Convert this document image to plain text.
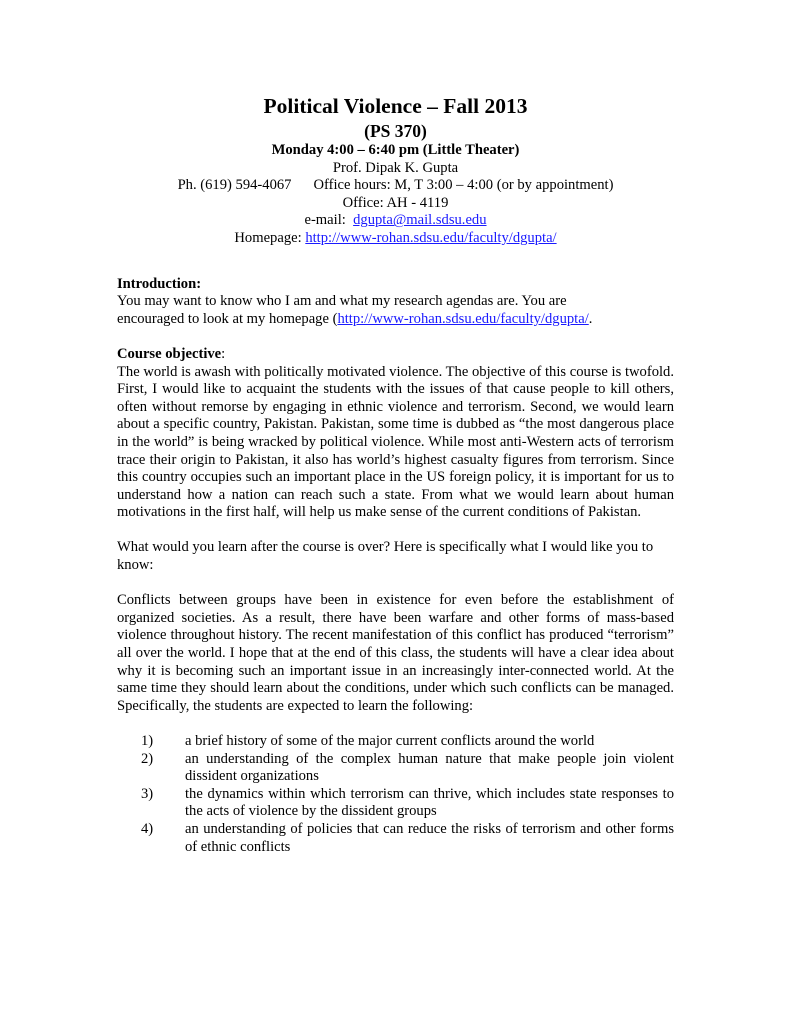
Political Violence – Fall 2013
(PS 370)
Monday 4:00 – 6:40 pm (Little Theater)
Prof. Dipak K. Gupta
Ph. (619) 594-4067 Office hours: M, T 3:00 – 4:00 (or by appointment)
Office: AH - 4119
e-mail: dgupta@mail.sdsu.edu
Homepage: http://www-rohan.sdsu.edu/faculty/dgupta/
Introduction:
You may want to know who I am and what my research agendas are. You are
encouraged to look at my homepage (http://www-rohan.sdsu.edu/faculty/dgupta/.
Course objective:
The world is awash with politically motivated violence. The objective of this course is twofold. First, I would like to acquaint the students with the issues of that cause people to kill others, often without remorse by engaging in ethnic violence and terrorism. Second, we would learn about a specific country, Pakistan. Pakistan, some time is dubbed as “the most dangerous place in the world” is being wracked by political violence. While most anti-Western acts of terrorism trace their origin to Pakistan, it also has world’s highest casualty figures from terrorism. Since this country occupies such an important place in the US foreign policy, it is important for us to understand how a nation can reach such a state. From what we would learn about human motivations in the first half, will help us make sense of the current conditions of Pakistan.
What would you learn after the course is over? Here is specifically what I would like you to know:
Conflicts between groups have been in existence for even before the establishment of organized societies. As a result, there have been warfare and other forms of mass-based violence throughout history. The recent manifestation of this conflict has produced “terrorism” all over the world. I hope that at the end of this class, the students will have a clear idea about why it is becoming such an important issue in an increasingly inter-connected world. At the same time they should learn about the conditions, under which such conflicts can be managed. Specifically, the students are expected to learn the following:
1)	a brief history of some of the major current conflicts around the world
2)	an understanding of the complex human nature that make people join violent dissident organizations
3)	the dynamics within which terrorism can thrive, which includes state responses to the acts of violence by the dissident groups
4)	an understanding of policies that can reduce the risks of terrorism and other forms of ethnic conflicts
